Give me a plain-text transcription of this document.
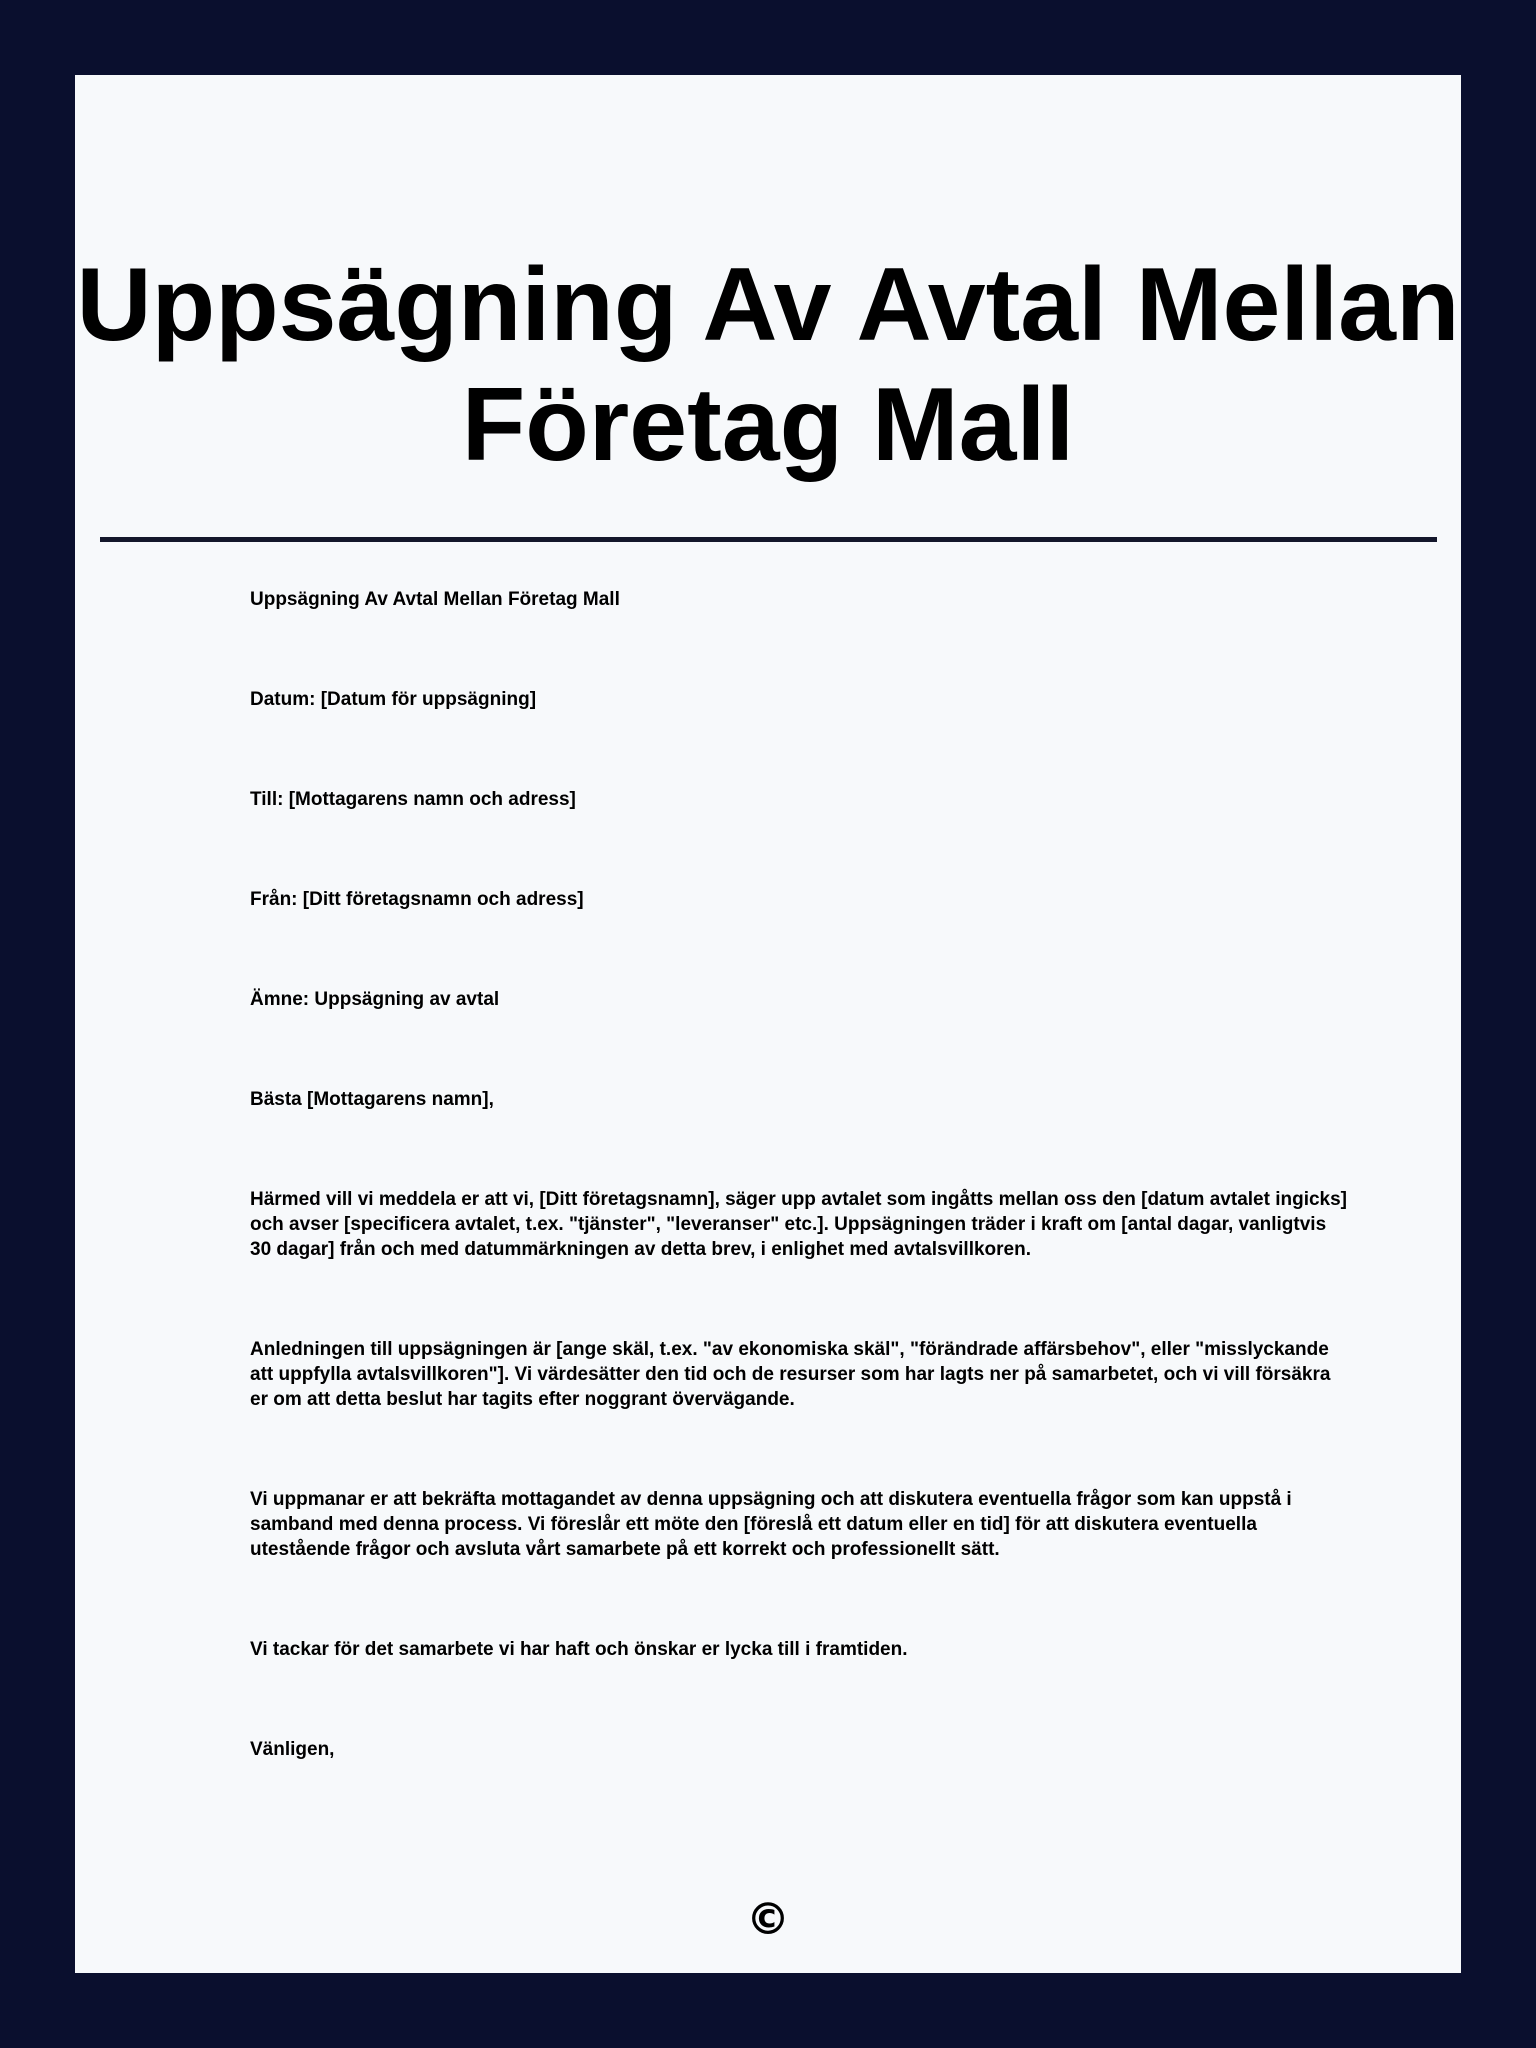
Uppsägning Av Avtal Mellan
Företag Mall

Uppsägning Av Avtal Mellan Företag Mall

Datum: [Datum för uppsägning]

Till: [Mottagarens namn och adress]

Från: [Ditt företagsnamn och adress]

Ämne: Uppsägning av avtal

Bästa [Mottagarens namn],

Härmed vill vi meddela er att vi, [Ditt företagsnamn], säger upp avtalet som ingåtts mellan oss den [datum avtalet ingicks] och avser [specificera avtalet, t.ex. "tjänster", "leveranser" etc.]. Uppsägningen träder i kraft om [antal dagar, vanligtvis 30 dagar] från och med datummärkningen av detta brev, i enlighet med avtalsvillkoren.

Anledningen till uppsägningen är [ange skäl, t.ex. "av ekonomiska skäl", "förändrade affärsbehov", eller "misslyckande att uppfylla avtalsvillkoren"]. Vi värdesätter den tid och de resurser som har lagts ner på samarbetet, och vi vill försäkra er om att detta beslut har tagits efter noggrant övervägande.

Vi uppmanar er att bekräfta mottagandet av denna uppsägning och att diskutera eventuella frågor som kan uppstå i samband med denna process. Vi föreslår ett möte den [föreslå ett datum eller en tid] för att diskutera eventuella utestående frågor och avsluta vårt samarbete på ett korrekt och professionellt sätt.

Vi tackar för det samarbete vi har haft och önskar er lycka till i framtiden.

Vänligen,

©
